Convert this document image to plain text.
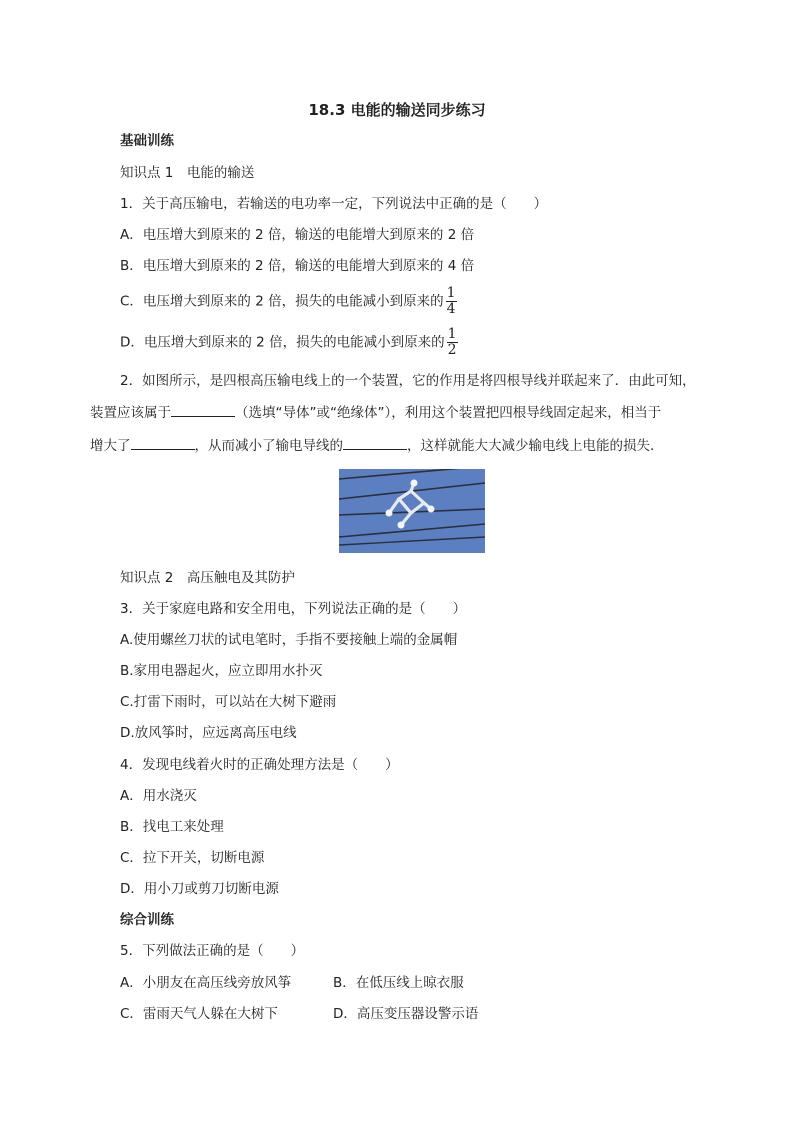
18.3 电能的输送同步练习
基础训练
知识点 1　电能的输送
1．关于高压输电，若输送的电功率一定，下列说法中正确的是（　　）
A．电压增大到原来的 2 倍，输送的电能增大到原来的 2 倍
B．电压增大到原来的 2 倍，输送的电能增大到原来的 4 倍
C．电压增大到原来的 2 倍，损失的电能减小到原来的 $\frac{1}{4}$
D．电压增大到原来的 2 倍，损失的电能减小到原来的 $\frac{1}{2}$
2．如图所示，是四根高压输电线上的一个装置，它的作用是将四根导线并联起来了．由此可知，
装置应该属于	（选填“导体”或“绝缘体”），利用这个装置把四根导线固定起来，相当于
增大了	，从而减小了输电导线的	，这样就能大大减少输电线上电能的损失．
知识点 2　高压触电及其防护
3．关于家庭电路和安全用电，下列说法正确的是（　　）
A.使用螺丝刀状的试电笔时，手指不要接触上端的金属帽
B.家用电器起火，应立即用水扑灭
C.打雷下雨时，可以站在大树下避雨
D.放风筝时，应远离高压电线
4．发现电线着火时的正确处理方法是（　　）
A．用水浇灭
B．找电工来处理
C．拉下开关，切断电源
D．用小刀或剪刀切断电源
综合训练
5．下列做法正确的是（　　）
A．小朋友在高压线旁放风筝	B．在低压线上晾衣服
C．雷雨天气人躲在大树下	D．高压变压器设警示语
